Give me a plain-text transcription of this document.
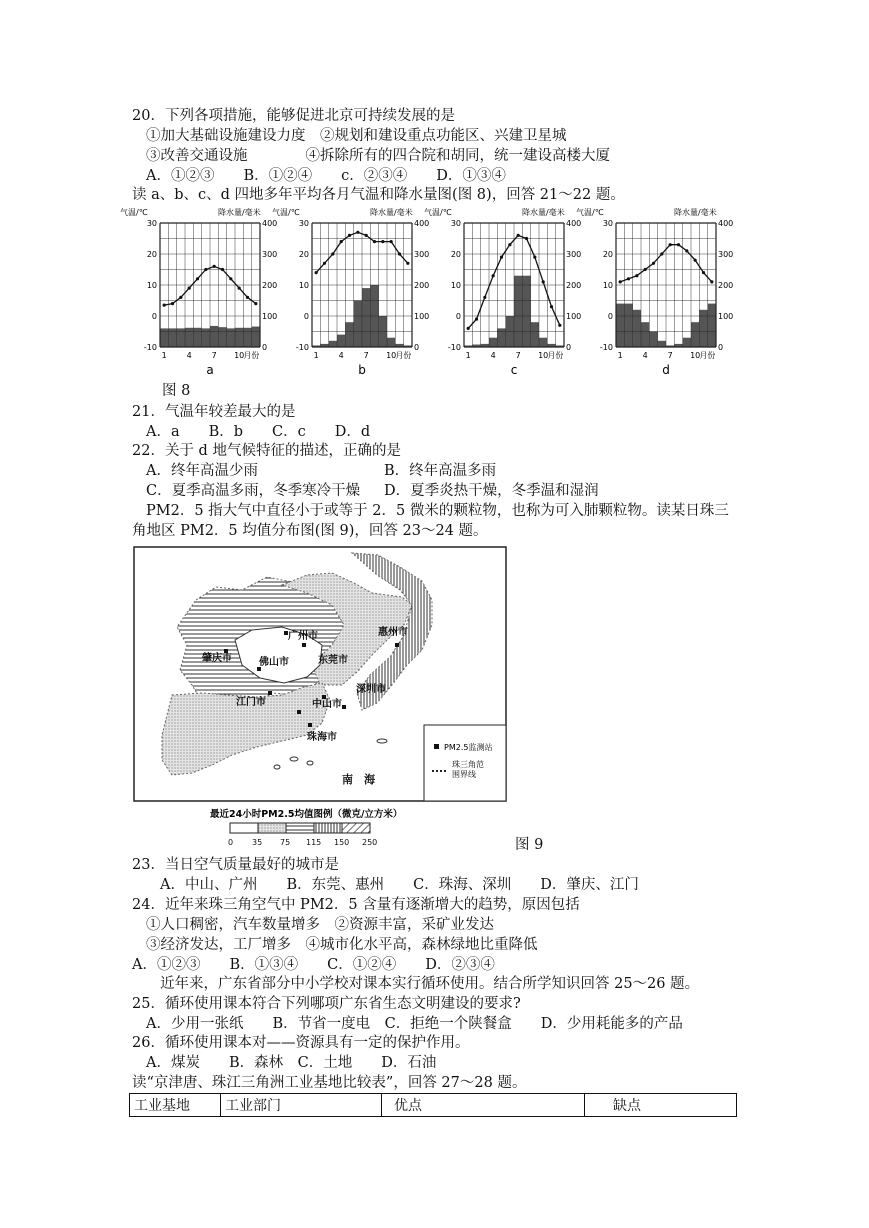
20．下列各项措施，能够促进北京可持续发展的是
①加大基础设施建设力度　②规划和建设重点功能区、兴建卫星城
③改善交通设施　　　　④拆除所有的四合院和胡同，统一建设高楼大厦
A．①②③　　B．①②④　　c．②③④　　D．①③④
读 a、b、c、d 四地多年平均各月气温和降水量图(图 8)，回答 21～22 题。
气温/℃	降水量/毫米
30
20
10
0
-10
400
300
200
100
0
1 4 7 10 月份
a
气温/℃	降水量/毫米
30
20
10
0
-10
400
300
200
100
0
1 4 7 10 月份
b
气温/℃	降水量/毫米
30
20
10
0
-10
400
300
200
100
0
1 4 7 10 月份
c
气温/℃	降水量/毫米
30
20
10
0
-10
400
300
200
100
0
1 4 7 10 月份
d
图 8
21．气温年较差最大的是
A．a　　B．b　　C．c　　D．d
22．关于 d 地气候特征的描述，正确的是
A．终年高温少雨	B．终年高温多雨
C．夏季高温多雨，冬季寒冷干燥 D．夏季炎热干燥，冬季温和湿润
PM2．5 指大气中直径小于或等于 2．5 微米的颗粒物，也称为可入肺颗粒物。读某日珠三
角地区 PM2．5 均值分布图(图 9)，回答 23～24 题。
广州市	惠州市
肇庆市	佛山市	东莞市
深圳市
江门市	中山市
珠海市
南　海
PM2.5监测站
珠三角范
围界线
最近24小时PM2.5均值图例（微克/立方米）
0 35 75 115 150 250	图 9
23．当日空气质量最好的城市是
A．中山、广州　　B．东莞、惠州　　C．珠海、深圳　　D．肇庆、江门
24．近年来珠三角空气中 PM2．5 含量有逐渐增大的趋势，原因包括
①人口稠密，汽车数量增多　②资源丰富，采矿业发达
③经济发达，工厂增多　④城市化水平高，森林绿地比重降低
A．①②③　　B．①③④　　C．①②④　　D．②③④
近年来，广东省部分中小学校对课本实行循环使用。结合所学知识回答 25～26 题。
25．循环使用课本符合下列哪项广东省生态文明建设的要求?
A．少用一张纸　　B．节省一度电　C．拒绝一个陕餐盒　　D．少用耗能多的产品
26．循环使用课本对——资源具有一定的保护作用。
A．煤炭　　B．森林　C．土地　　D．石油
读“京津唐、珠江三角洲工业基地比较表”，回答 27～28 题。
工业基地	工业部门	优点	缺点
